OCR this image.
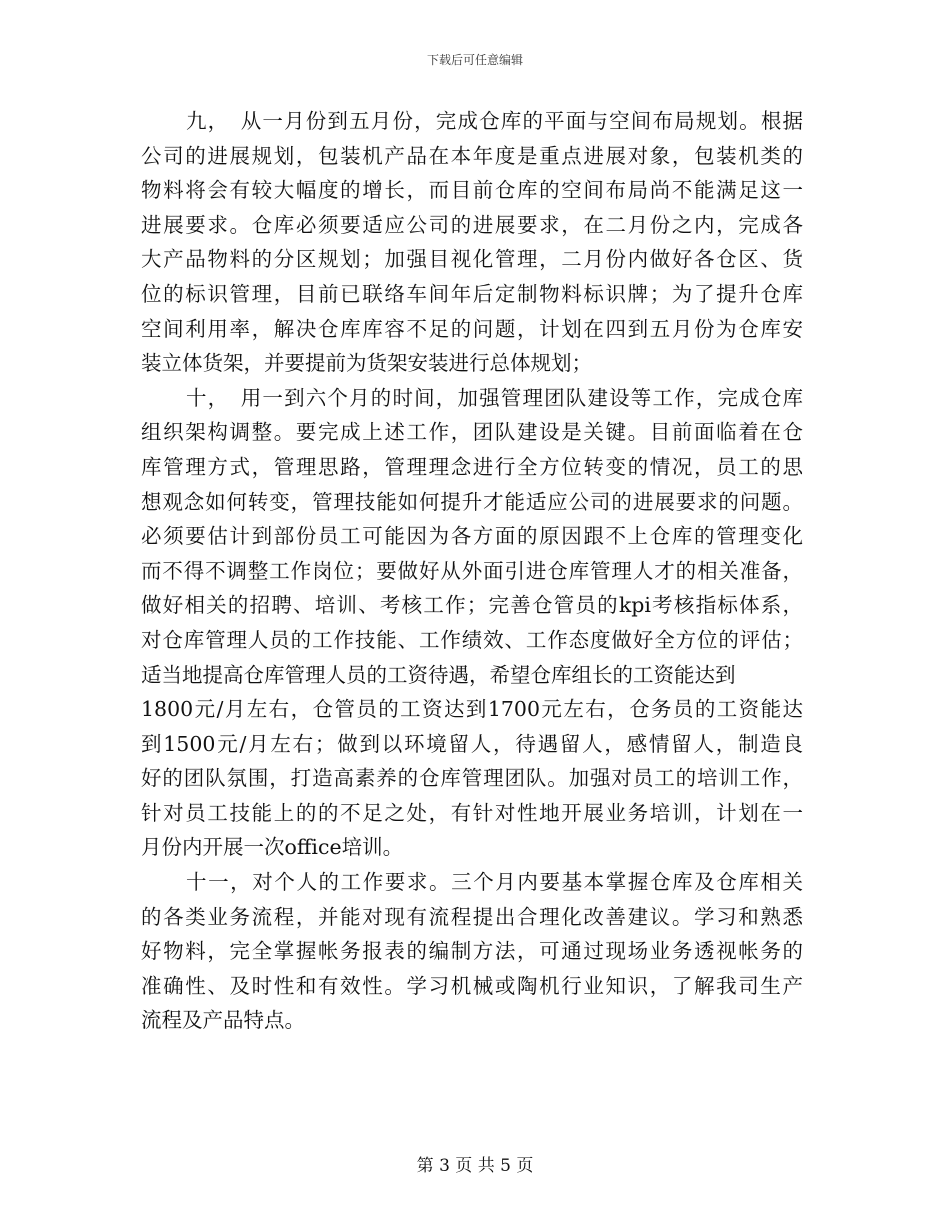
下载后可任意编辑

九，　从一月份到五月份，完成仓库的平面与空间布局规划。根据
公司的进展规划，包装机产品在本年度是重点进展对象，包装机类的
物料将会有较大幅度的增长，而目前仓库的空间布局尚不能满足这一
进展要求。仓库必须要适应公司的进展要求，在二月份之内，完成各
大产品物料的分区规划；加强目视化管理，二月份内做好各仓区、货
位的标识管理，目前已联络车间年后定制物料标识牌；为了提升仓库
空间利用率，解决仓库库容不足的问题，计划在四到五月份为仓库安
装立体货架，并要提前为货架安装进行总体规划；

十，　用一到六个月的时间，加强管理团队建设等工作，完成仓库
组织架构调整。要完成上述工作，团队建设是关键。目前面临着在仓
库管理方式，管理思路，管理理念进行全方位转变的情况，员工的思
想观念如何转变，管理技能如何提升才能适应公司的进展要求的问题。
必须要估计到部份员工可能因为各方面的原因跟不上仓库的管理变化
而不得不调整工作岗位；要做好从外面引进仓库管理人才的相关准备，
做好相关的招聘、培训、考核工作；完善仓管员的kpi考核指标体系，
对仓库管理人员的工作技能、工作绩效、工作态度做好全方位的评估；
适当地提高仓库管理人员的工资待遇，希望仓库组长的工资能达到
1800元/月左右，仓管员的工资达到1700元左右，仓务员的工资能达
到1500元/月左右；做到以环境留人，待遇留人，感情留人，制造良
好的团队氛围，打造高素养的仓库管理团队。加强对员工的培训工作，
针对员工技能上的的不足之处，有针对性地开展业务培训，计划在一
月份内开展一次office培训。

十一，对个人的工作要求。三个月内要基本掌握仓库及仓库相关
的各类业务流程，并能对现有流程提出合理化改善建议。学习和熟悉
好物料，完全掌握帐务报表的编制方法，可通过现场业务透视帐务的
准确性、及时性和有效性。学习机械或陶机行业知识，了解我司生产
流程及产品特点。

第 3 页 共 5 页
